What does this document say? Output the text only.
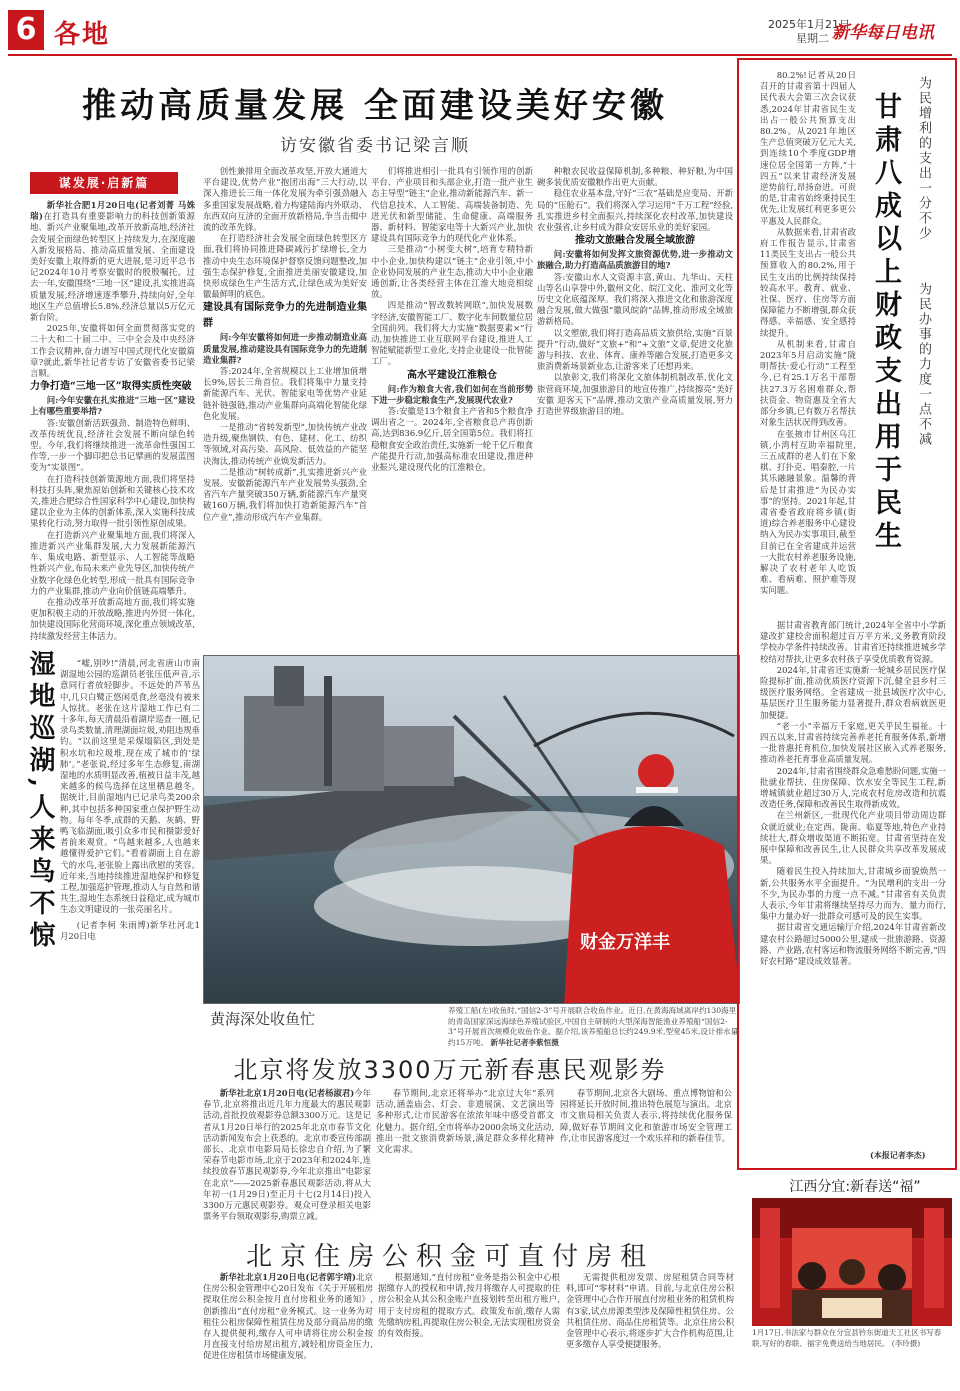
6 各地	2025年1月21日
星期二 新华每日电讯
推动高质量发展 全面建设美好安徽
访安徽省委书记梁言顺
谋发展·启新篇

新华社合肥1月20日电(记者刘菁 马姝瑞)在打造具有重要影响力的科技创新策源地、新兴产业聚集地,改革开放新高地,经济社会发展全面绿色转型区上持续发力,在深度融入新发展格局、推动高质量发展、全面建设美好安徽上取得新的更大进展,是习近平总书记2024年10月考察安徽时的殷殷嘱托。过去一年,安徽围绕“三地一区”建设,扎实推进高质量发展,经济增速逐季攀升,持续向好,全年地区生产总值增长5.8%,经济总量以5万亿元新台阶。

2025年,安徽将如何全面贯彻落实党的二十大和二十届二中、三中全会及中央经济工作会议精神,奋力谱写中国式现代化安徽篇章?就此,新华社记者专访了安徽省委书记梁言顺。

力争打造“三地一区”取得实质性突破

问:今年安徽在扎实推进“三地一区”建设上有哪些重要举措?

答:安徽创新活跃强劲、制造特色鲜明、改革传统优良,经济社会发展不断向绿色转型。今年,我们将继续推进一流革命性强国工作等,一步一个脚印把总书记擘画的发展蓝图变为“实景图”。

在打造科技创新策源地方面,我们将坚持科技打头阵,聚焦原始创新和关键核心技术攻关,推进合肥综合性国家科学中心建设,加快构建以企业为主体的创新体系,深入实施科技成果转化行动,努力取得一批引领性原创成果。

在打造新兴产业聚集地方面,我们将深入推进新兴产业集群发展,大力发展新能源汽车、集成电路、新型显示、人工智能等战略性新兴产业,布局未来产业先导区,加快传统产业数字化绿色化转型,形成一批具有国际竞争力的产业集群,推动产业向价值链高端攀升。

在推动改革开放新高地方面,我们将实施更加积极主动的开放战略,推进内外贸一体化,加快建设国际化营商环境,深化重点领域改革,持续激发经营主体活力。

创性兼排用全面改革攻坚,开放大通道大平台建设,优势产业“抱团出海”三大行动,以深入推进长三角一体化发展为牵引强劲融入多重国家发展战略,着力构建陆海内外联动、东西双向互济的全面开放新格局,争当击楫中流的改革先锋。

在打造经济社会发展全面绿色转型区方面,我们将协同推进降碳减污扩绿增长,全力推动中央生态环境保护督察反馈问题整改,加强生态保护修复,全面推进美丽安徽建设,加快形成绿色生产生活方式,让绿色成为美好安徽最鲜明的底色。

建设具有国际竞争力的先进制造业集群

问:今年安徽将如何进一步推动制造业高质量发展,推动建设具有国际竞争力的先进制造业集群?

答:2024年,全省规模以上工业增加值增长9%,居长三角首位。我们将集中力量支持新能源汽车、光伏、智能家电等优势产业延链补链强链,推动产业集群向高端化智能化绿色化发展。

一是推动“省转发新型”,加快传统产业改造升级,聚焦钢铁、有色、建材、化工、纺织等领域,对高污染、高风险、低效益的产能坚决淘汰,推动传统产业焕发新活力。

二是推动“树转成新”,扎实推进新兴产业发展。安徽新能源汽车产业发展势头强劲,全省汽车产量突破350万辆,新能源汽车产量突破160万辆,我们将加快打造新能源汽车“首位产业”,推动形成汽车产业集群。

们将推进相引一批具有引领作用的创新平台、产业项目和头部企业,打造一批产业生态主导型“链主”企业,推动新能源汽车、新一代信息技术、人工智能、高端装备制造、先进光伏和新型储能、生命健康、高端服务器、新材料、智能家电等十大新兴产业,加快建设具有国际竞争力的现代化产业体系。

三是推动“小树变大树”,培育专精特新中小企业,加快构建以“链主”企业引领,中小企业协同发展的产业生态,推动大中小企业融通创新,让各类经营主体在江淮大地竞相绽放。

四是推动“智改数转网联”,加快发展数字经济,安徽智能工厂、数字化车间数量位居全国前列。我们将大力实施“数据要素×”行动,加快推进工业互联网平台建设,推进人工智能赋能新型工业化,支持企业建设一批智能工厂。

高水平建设江淮粮仓

问:作为粮食大省,我们如何在当前形势下进一步稳定粮食生产,发展现代农业?

答:安徽是13个粮食主产省和5个粮食净调出省之一。2024年,全省粮食总产再创新高,达到836.9亿斤,居全国第5位。我们将扛稳粮食安全政治责任,实施新一轮千亿斤粮食产能提升行动,加强高标准农田建设,推进种业振兴,建设现代化的江淮粮仓。

种粮农民收益保障机制,多种粮、种好粮,为中国碗多装优质安徽粮作出更大贡献。

稳住农业基本盘,守好“三农”基础是应变局、开新局的“压舱石”。我们将深入学习运用“千万工程”经验,扎实推进乡村全面振兴,持续深化农村改革,加快建设农业强省,让乡村成为群众安居乐业的美好家园。

推动文旅融合发展全域旅游

问:安徽将如何发挥文旅资源优势,进一步推动文旅融合,助力打造高品质旅游目的地?

答:安徽山水人文资源丰富,黄山、九华山、天柱山等名山享誉中外,徽州文化、皖江文化、淮河文化等历史文化底蕴深厚。我们将深入推进文化和旅游深度融合发展,做大做强“徽风皖韵”品牌,推动形成全域旅游新格局。

以文塑旅,我们将打造高品质文旅供给,实施“百景提升”行动,做好“文旅+”和“+文旅”文章,促进文化旅游与科技、农业、体育、康养等融合发展,打造更多文旅消费新场景新业态,让游客来了还想再来。

以旅彰文,我们将深化文旅体制机制改革,优化文旅营商环境,加强旅游目的地宣传推广,持续擦亮“美好安徽 迎客天下”品牌,推动文旅产业高质量发展,努力打造世界级旅游目的地。

财金万洋丰
黄海深处收鱼忙	养殖工船(左)收鱼时,“国信2-3”号开展联合收鱼作业。近日,在黄海海域离岸约130海里的青岛国家深远海绿色养殖试验区,中国自主研制的大型深海智能渔业养殖船“国信2-3”号开展首次规模化收鱼作业。据介绍,该养殖船总长约249.9米,型宽45米,设计排水量约15万吨。 新华社记者李紫恒摄
湿地巡湖,人来鸟不惊	“嘘,别吵!”清晨,河北省唐山市南湖湿地公园的巡湖员老张压低声音,示意同行者放轻脚步。不远处的芦苇丛中,几只白鹭正悠闲觅食,丝毫没有被来人惊扰。老张在这片湿地工作已有二十多年,每天清晨沿着湖岸巡查一圈,记录鸟类数量,清理湖面垃圾,劝阻违规垂钓。“以前这里是采煤塌陷区,到处是积水坑和垃圾堆,现在成了城市的‘绿肺’。”老张说,经过多年生态修复,南湖湿地的水质明显改善,植被日益丰茂,越来越多的候鸟选择在这里栖息越冬。据统计,目前湿地内已记录鸟类200余种,其中包括多种国家重点保护野生动物。每年冬季,成群的天鹅、灰鹤、野鸭飞临湖面,吸引众多市民和摄影爱好者前来观赏。“鸟越来越多,人也越来越懂得爱护它们。”看着湖面上自在游弋的水鸟,老张脸上露出欣慰的笑容。近年来,当地持续推进湿地保护和修复工程,加强巡护管理,推动人与自然和谐共生,湿地生态系统日益稳定,成为城市生态文明建设的一张亮丽名片。

(记者李柯 朱雨博)新华社河北1月20日电

北京将发放3300万元新春惠民观影券

新华社北京1月20日电(记者杨淑君)今年春节,北京将推出近几年力度最大的惠民观影活动,首批投放观影券总额3300万元。这是记者从1月20日举行的2025年北京市春节文化活动新闻发布会上获悉的。北京市委宣传部副部长、北京市电影局局长徐忠自介绍,为了繁荣春节电影市场,北京于2023年和2024年,连续投放春节惠民观影券,今年北京推出“电影家在北京”——2025新春惠民观影活动,将从大年初一(1月29日)至正月十七(2月14日)投入3300万元惠民观影券。观众可登录相关电影票务平台领取观影券,购票立减。

春节期间,北京还将举办“北京过大年”系列活动,涵盖庙会、灯会、非遗展演、文艺演出等多种形式,让市民游客在浓浓年味中感受首都文化魅力。据介绍,全市将举办2000余场文化活动,推出一批文旅消费新场景,满足群众多样化精神文化需求。

春节期间,北京各大剧场、重点博物馆和公园将延长开放时间,推出特色展览与演出。北京市文旅局相关负责人表示,将持续优化服务保障,做好春节期间文化和旅游市场安全管理工作,让市民游客度过一个欢乐祥和的新春佳节。

北京住房公积金可直付房租

新华社北京1月20日电(记者郭宇靖)北京住房公积金管理中心20日发布《关于开展租房提取住房公积金按月直付房租业务的通知》,创新推出“直付房租”业务模式。这一业务为对租住公租房保障性租赁住房及部分商品房的缴存人提供便利,缴存人可申请将住房公积金按月直接支付给房屋出租方,减轻租房资金压力,促进住房租赁市场健康发展。

根据通知,“直付房租”业务是指公积金中心根据缴存人的授权和申请,按月将缴存人可提取的住房公积金从其公积金账户直接划转至出租方账户,用于支付房租的提取方式。政策发布前,缴存人需先缴纳房租,再提取住房公积金,无法实现租房资金的有效衔接。

无需提供租房发票、房屋租赁合同等材料,即可“零材料”申请。目前,与北京住房公积金管理中心合作开展直付房租业务的租赁机构有3家,试点房源类型涉及保障性租赁住房、公共租赁住房、商品住房租赁等。北京住房公积金管理中心表示,将逐步扩大合作机构范围,让更多缴存人享受便捷服务。

甘肃八成以上财政支出用于民生	为民增利的支出一分不少
为民办事的力度一点不减

80.2%!记者从20日召开的甘肃省第十四届人民代表大会第三次会议获悉,2024年甘肃省民生支出占一般公共预算支出80.2%。从2021年地区生产总值突破万亿元大关,到连续10个季度GDP增速位居全国第一方阵,“十四五”以来甘肃经济发展逆势前行,昂扬奋进。可贵的是,甘肃省始终秉持民生优先,让发展红利更多更公平惠及人民群众。

从数据来看,甘肃省政府工作报告显示,甘肃省11类民生支出占一般公共预算收入的80.2%,用于民生支出的比例持续保持较高水平。教育、就业、社保、医疗、住房等方面保障能力不断增强,群众获得感、幸福感、安全感持续提升。

从机制来看,甘肃自2023年5月启动实施“陇明帮扶·爱心行动”工程至今,已有25.1万名干部帮扶27.3万名困难群众,帮扶资金、物资惠及全省大部分乡镇,已有数万名帮扶对象生活状况得到改善。

在张掖市甘州区乌江镇,小湾村互助幸福院里,三五成群的老人们在下象棋、打扑克、唱秦腔,一片其乐融融景象。温馨的背后是甘肃推进“为民办实事”的坚持。2021年起,甘肃省委省政府将乡镇(街道)综合养老服务中心建设纳入为民办实事项目,截至目前已在全省建成并运营一大批农村养老服务设施,解决了农村老年人吃饭难、看病难、照护难等现实问题。

据甘肃省教育部门统计,2024年全省中小学新建改扩建校舍面积超过百万平方米,义务教育阶段学校办学条件持续改善。甘肃省还持续推进城乡学校结对帮扶,让更多农村孩子享受优质教育资源。

2024年,甘肃省还实施新一轮城乡居民医疗保险提标扩面,推动优质医疗资源下沉,健全县乡村三级医疗服务网络。全省建成一批县域医疗次中心,基层医疗卫生服务能力显著提升,群众看病就医更加便捷。

“老一小”幸福万千家庭,更关乎民生福祉。十四五以来,甘肃省持续完善养老托育服务体系,新增一批普惠托育机位,加快发展社区嵌入式养老服务,推动养老托育事业高质量发展。

2024年,甘肃省围绕群众急难愁盼问题,实施一批就业帮扶、住房保障、饮水安全等民生工程,新增城镇就业超过30万人,完成农村危房改造和抗震改造任务,保障和改善民生取得新成效。

在兰州新区,一批现代化产业项目带动周边群众就近就业;在定西、陇南、临夏等地,特色产业持续壮大,群众增收渠道不断拓宽。甘肃省坚持在发展中保障和改善民生,让人民群众共享改革发展成果。

随着民生投入持续加大,甘肃城乡面貌焕然一新,公共服务水平全面提升。“为民增利的支出一分不少,为民办事的力度一点不减。”甘肃省有关负责人表示,今年甘肃将继续坚持尽力而为、量力而行,集中力量办好一批群众可感可及的民生实事。

据甘肃省交通运输厅介绍,2024年甘肃省新改建农村公路超过5000公里,建成一批旅游路、资源路、产业路,农村客运和物流服务网络不断完善,“四好农村路”建设成效显著。

(本报记者李杰)
江西分宜:新春送“福”
1月17日,书法家与群众在分宜县钤东街道天工社区书写春联,写好的春联、福字免费送给当地居民。 (李玲摄)
